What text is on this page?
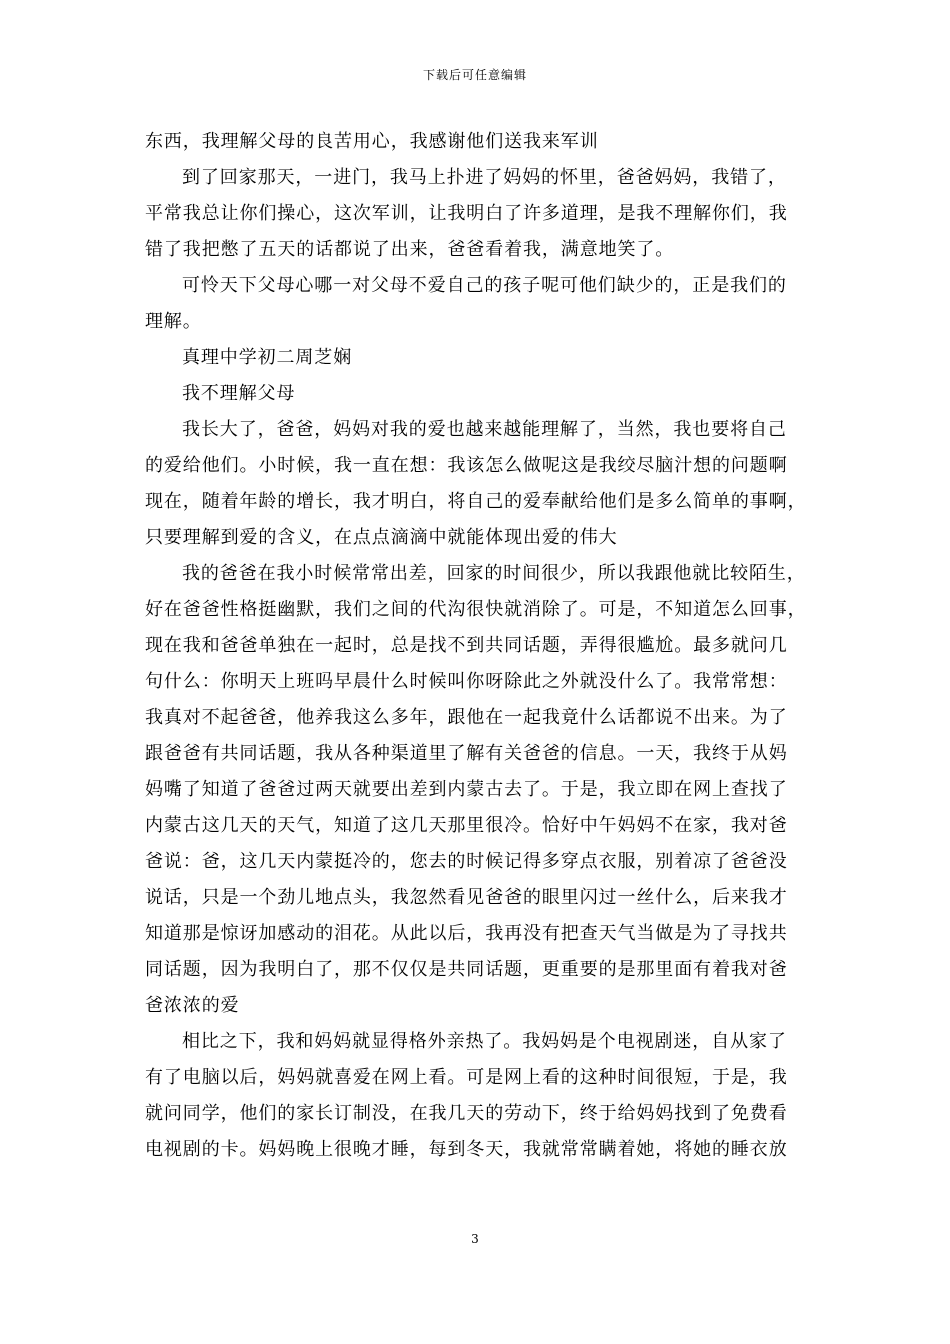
下载后可任意编辑
东西，我理解父母的良苦用心，我感谢他们送我来军训
到了回家那天，一进门，我马上扑进了妈妈的怀里，爸爸妈妈，我错了，
平常我总让你们操心，这次军训，让我明白了许多道理，是我不理解你们，我
错了我把憋了五天的话都说了出来，爸爸看着我，满意地笑了。
可怜天下父母心哪一对父母不爱自己的孩子呢可他们缺少的，正是我们的
理解。
真理中学初二周芝娴
我不理解父母
我长大了，爸爸，妈妈对我的爱也越来越能理解了，当然，我也要将自己
的爱给他们。小时候，我一直在想：我该怎么做呢这是我绞尽脑汁想的问题啊
现在，随着年龄的增长，我才明白，将自己的爱奉献给他们是多么简单的事啊，
只要理解到爱的含义，在点点滴滴中就能体现出爱的伟大
我的爸爸在我小时候常常出差，回家的时间很少，所以我跟他就比较陌生，
好在爸爸性格挺幽默，我们之间的代沟很快就消除了。可是，不知道怎么回事，
现在我和爸爸单独在一起时，总是找不到共同话题，弄得很尴尬。最多就问几
句什么：你明天上班吗早晨什么时候叫你呀除此之外就没什么了。我常常想：
我真对不起爸爸，他养我这么多年，跟他在一起我竟什么话都说不出来。为了
跟爸爸有共同话题，我从各种渠道里了解有关爸爸的信息。一天，我终于从妈
妈嘴了知道了爸爸过两天就要出差到内蒙古去了。于是，我立即在网上查找了
内蒙古这几天的天气，知道了这几天那里很冷。恰好中午妈妈不在家，我对爸
爸说：爸，这几天内蒙挺冷的，您去的时候记得多穿点衣服，别着凉了爸爸没
说话，只是一个劲儿地点头，我忽然看见爸爸的眼里闪过一丝什么，后来我才
知道那是惊讶加感动的泪花。从此以后，我再没有把查天气当做是为了寻找共
同话题，因为我明白了，那不仅仅是共同话题，更重要的是那里面有着我对爸
爸浓浓的爱
相比之下，我和妈妈就显得格外亲热了。我妈妈是个电视剧迷，自从家了
有了电脑以后，妈妈就喜爱在网上看。可是网上看的这种时间很短，于是，我
就问同学，他们的家长订制没，在我几天的劳动下，终于给妈妈找到了免费看
电视剧的卡。妈妈晚上很晚才睡，每到冬天，我就常常瞒着她，将她的睡衣放
3
